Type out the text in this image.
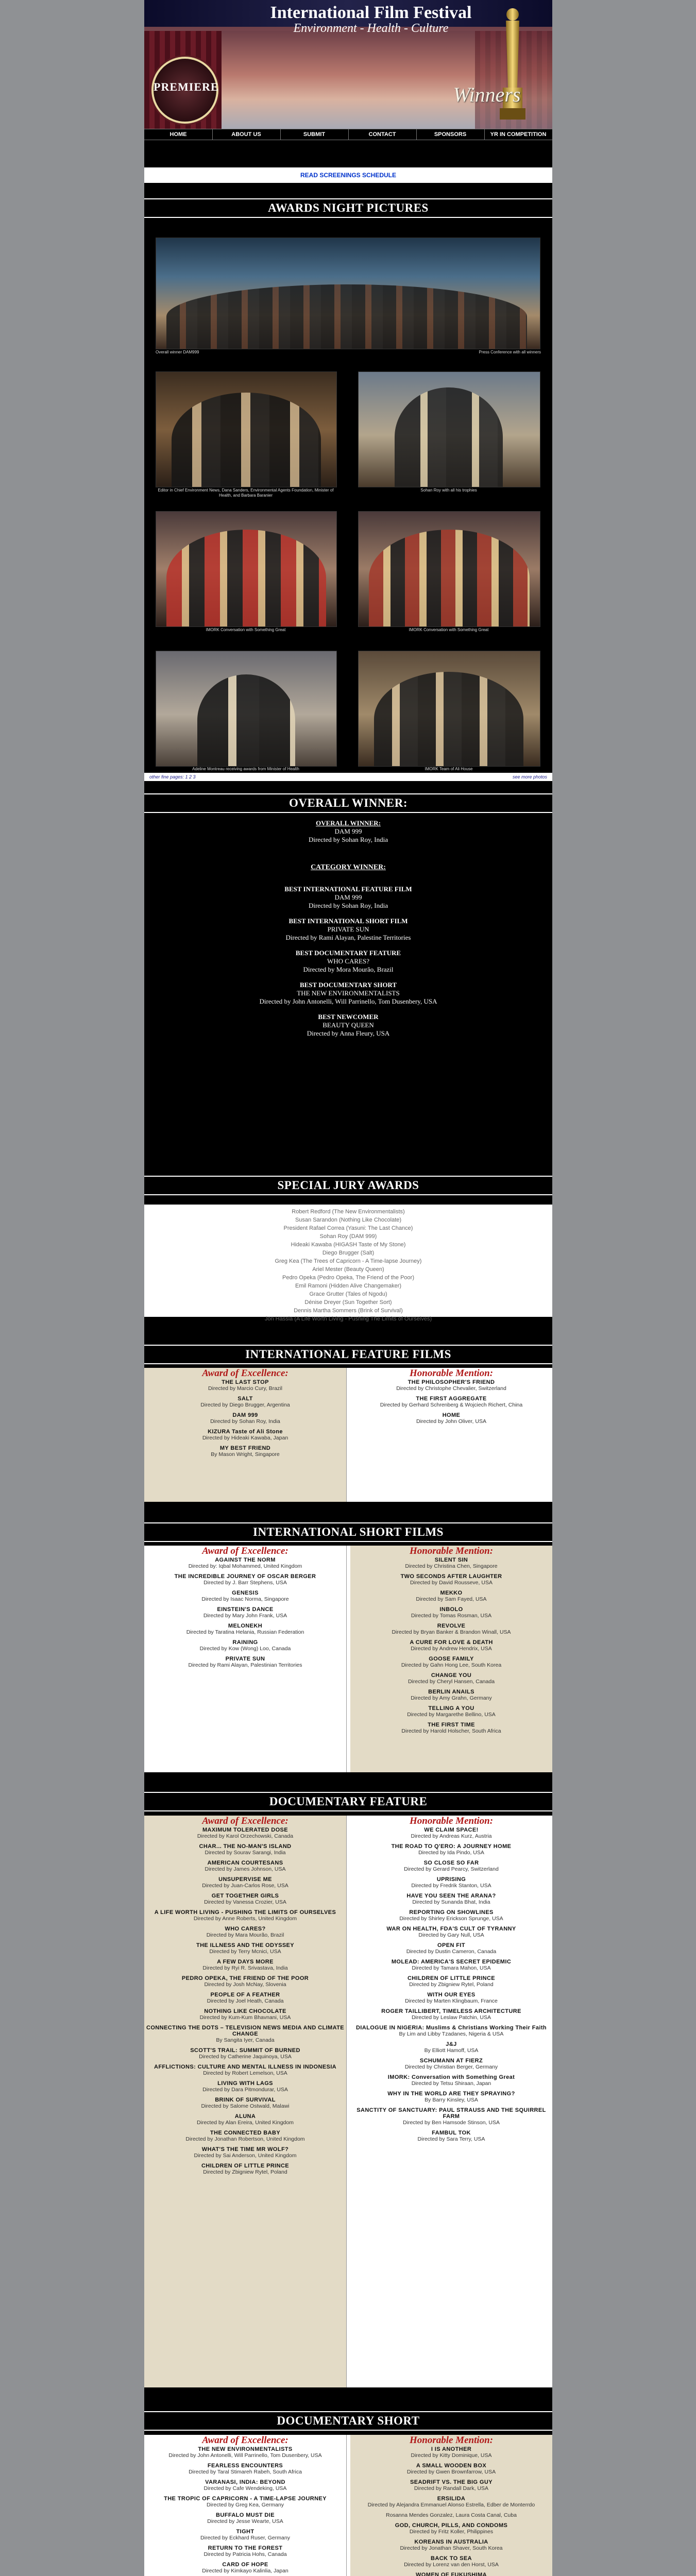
International Film Festival
Environment - Health - Culture
PREMIERE	Winners
HOME	ABOUT US	SUBMIT	CONTACT	SPONSORS	YR IN COMPETITION
READ SCREENINGS SCHEDULE
AWARDS NIGHT PICTURES
Overall winner DAM999	Press Conference with all winners
Editor in Chief Environment News, Dana Sanders, Environmental Agents Foundation, Minister of Health, and Barbara Baranier
Sohan Roy with all his trophies
IMORK Conversation with Something Great	IMORK Conversation with Something Great
Adeline Montreau receiving awards from Minister of Health	IMORK Team of Ali House
other fine pages: 1 2 3	see more photos
OVERALL WINNER:
OVERALL WINNER:
DAM 999
Directed by Sohan Roy, India
CATEGORY WINNER:
BEST INTERNATIONAL FEATURE FILM
DAM 999
Directed by Sohan Roy, India
BEST INTERNATIONAL SHORT FILM
PRIVATE SUN
Directed by Rami Alayan, Palestine Territories
BEST DOCUMENTARY FEATURE
WHO CARES?
Directed by Mora Mourão, Brazil
BEST DOCUMENTARY SHORT
THE NEW ENVIRONMENTALISTS
Directed by John Antonelli, Will Parrinello, Tom Dusenbery, USA
BEST NEWCOMER
BEAUTY QUEEN
Directed by Anna Fleury, USA
SPECIAL JURY AWARDS
Robert Redford (The New Environmentalists)
Susan Sarandon (Nothing Like Chocolate)
President Rafael Correa (Yasuni: The Last Chance)
Sohan Roy (DAM 999)
Hideaki Kawaba (HIGASH Taste of My Stone)
Diego Brugger (Salt)
Greg Kea (The Trees of Capricorn - A Time-lapse Journey)
Ariel Mester (Beauty Queen)
Pedro Opeka (Pedro Opeka, The Friend of the Poor)
Emil Ramoni (Hidden Alive Changemaker)
Grace Grutter (Tales of Ngodu)
Dénise Dreyer (Sun Together Sort)
Dennis Martha Sommers (Brink of Survival)
Jon Hassla (A Life Worth Living - Pushing The Limits of Ourselves)
INTERNATIONAL FEATURE FILMS
Award of Excellence:
THE LAST STOP
Directed by Marcio Cury, Brazil
SALT
Directed by Diego Brugger, Argentina
DAM 999
Directed by Sohan Roy, India
KIZURA Taste of Ali Stone
Directed by Hideaki Kawaba, Japan
MY BEST FRIEND
By Mason Wright, Singapore
Honorable Mention:
THE PHILOSOPHER'S FRIEND
Directed by Christophe Chevalier, Switzerland
THE FIRST AGGREGATE
Directed by Gerhard Schrenberg & Wojciech Richert, China
HOME
Directed by John Oliver, USA
INTERNATIONAL SHORT FILMS
Award of Excellence:
AGAINST THE NORM
Directed by: Iqbal Mohammed, United Kingdom
THE INCREDIBLE JOURNEY OF OSCAR BERGER
Directed by J. Barr Stephens, USA
GENESIS
Directed by Isaac Norma, Singapore
EINSTEIN'S DANCE
Directed by Mary John Frank, USA
MELONEKH
Directed by Taratina Helania, Russian Federation
RAINING
Directed by Kow (Wong) Loo, Canada
PRIVATE SUN
Directed by Rami Alayan, Palestinian Territories
Honorable Mention:
SILENT SIN
Directed by Christina Chen, Singapore
TWO SECONDS AFTER LAUGHTER
Directed by David Rousseve, USA
MEKKO
Directed by Sam Fayed, USA
INBOLO
Directed by Tomas Rosman, USA
REVOLVE
Directed by Bryan Banker & Brandon Winall, USA
A CURE FOR LOVE & DEATH
Directed by Andrew Hendrix, USA
GOOSE FAMILY
Directed by Gahn Hong Lee, South Korea
CHANGE YOU
Directed by Cheryl Hansen, Canada
BERLIN ANAILS
Directed by Amy Grahn, Germany
TELLING A YOU
Directed by Margarethe Bellino, USA
THE FIRST TIME
Directed by Harold Holscher, South Africa
DOCUMENTARY FEATURE
Award of Excellence:
MAXIMUM TOLERATED DOSE
Directed by Karol Orzechowski, Canada
CHAR... THE NO-MAN'S ISLAND
Directed by Sourav Sarangi, India
AMERICAN COURTESANS
Directed by James Johnson, USA
UNSUPERVISE ME
Directed by Juan-Carlos Rose, USA
GET TOGETHER GIRLS
Directed by Vanessa Crozier, USA
A LIFE WORTH LIVING - PUSHING THE LIMITS OF OURSELVES
Directed by Anne Roberts, United Kingdom
WHO CARES?
Directed by Mara Mourão, Brazil
THE ILLNESS AND THE ODYSSEY
Directed by Terry Mcnici, USA
A FEW DAYS MORE
Directed by Ryi R. Srivastava, India
PEDRO OPEKA, THE FRIEND OF THE POOR
Directed by Josh McNay, Slovenia
PEOPLE OF A FEATHER
Directed by Joel Heath, Canada
NOTHING LIKE CHOCOLATE
Directed by Kum-Kum Bhavnani, USA
CONNECTING THE DOTS – TELEVISION NEWS MEDIA AND CLIMATE CHANGE
By Sangita Iyer, Canada
SCOTT'S TRAIL: SUMMIT OF BURNED
Directed by Catherine Jaquinoya, USA
AFFLICTIONS: CULTURE AND MENTAL ILLNESS IN INDONESIA
Directed by Robert Lemelson, USA
LIVING WITH LAGS
Directed by Dara Pitmondurar, USA
BRINK OF SURVIVAL
Directed by Salome Ostwald, Malawi
ALUNA
Directed by Alan Ereira, United Kingdom
THE CONNECTED BABY
Directed by Jonathan Robertson, United Kingdom
WHAT'S THE TIME MR WOLF?
Directed by Sai Anderson, United Kingdom
CHILDREN OF LITTLE PRINCE
Directed by Zbigniew Rytel, Poland
Honorable Mention:
WE CLAIM SPACE!
Directed by Andreas Kurz, Austria
THE ROAD TO Q'ERO: A JOURNEY HOME
Directed by Ida Pindo, USA
SO CLOSE SO FAR
Directed by Gerard Pearcy, Switzerland
UPRISING
Directed by Fredrik Stanton, USA
HAVE YOU SEEN THE ARANA?
Directed by Sunanda Bhat, India
REPORTING ON SHOWLINES
Directed by Shirley Erickson Sprunge, USA
WAR ON HEALTH, FDA'S CULT OF TYRANNY
Directed by Gary Null, USA
OPEN FIT
Directed by Dustin Cameron, Canada
MOLEAD: AMERICA'S SECRET EPIDEMIC
Directed by Tamara Mahon, USA
CHILDREN OF LITTLE PRINCE
Directed by Zbigniew Rytel, Poland
WITH OUR EYES
Directed by Marten Klingbaum, France
ROGER TAILLIBERT, TIMELESS ARCHITECTURE
Directed by Leslaw Patchin, USA
DIALOGUE IN NIGERIA: Muslims & Christians Working Their Faith
By Lim and Libby Tzadanes, Nigeria & USA
J&J
By Elliott Hamoff, USA
SCHUMANN AT FIERZ
Directed by Christian Berger, Germany
IMORK: Conversation with Something Great
Directed by Tetsu Shiraan, Japan
WHY IN THE WORLD ARE THEY SPRAYING?
By Barry Kinsley, USA
SANCTITY OF SANCTUARY: PAUL STRAUSS AND THE SQUIRREL FARM
Directed by Ben Hamsode Stinson, USA
FAMBUL TOK
Directed by Sara Terry, USA
DOCUMENTARY SHORT
Award of Excellence:
THE NEW ENVIRONMENTALISTS
Directed by John Antonelli, Will Parrinello, Tom Dusenbery, USA
FEARLESS ENCOUNTERS
Directed by Taral Stimareh Rabeh, South Africa
VARANASI, INDIA: BEYOND
Directed by Cafe Wendeking, USA
THE TROPIC OF CAPRICORN - A TIME-LAPSE JOURNEY
Directed by Greg Kea, Germany
BUFFALO MUST DIE
Directed by Jesse Wearte, USA
TIGHT
Directed by Eckhard Ruser, Germany
RETURN TO THE FOREST
Directed by Patricia Hohs, Canada
CARD OF HOPE
Directed by Kimkayo Kalinlia, Japan
Honorable Mention:
I IS ANOTHER
Directed by Kitty Dominique, USA
A SMALL WOODEN BOX
Directed by Gwen Brownfarrow, USA
SEADRIFT VS. THE BIG GUY
Directed by Randall Dark, USA
ERSILIDA
Directed by Alejandra Emmanuel Alonso Estrella, Edber de Monterrdo
Rosanna Mendes Gonzalez, Laura Costa Canal, Cuba
GOD, CHURCH, PILLS, AND CONDOMS
Directed by Fritz Koller, Philippines
KOREANS IN AUSTRALIA
Directed by Jonathan Shaver, South Korea
BACK TO SEA
Directed by Lorenz van den Horst, USA
WOMEN OF FUKUSHIMA
